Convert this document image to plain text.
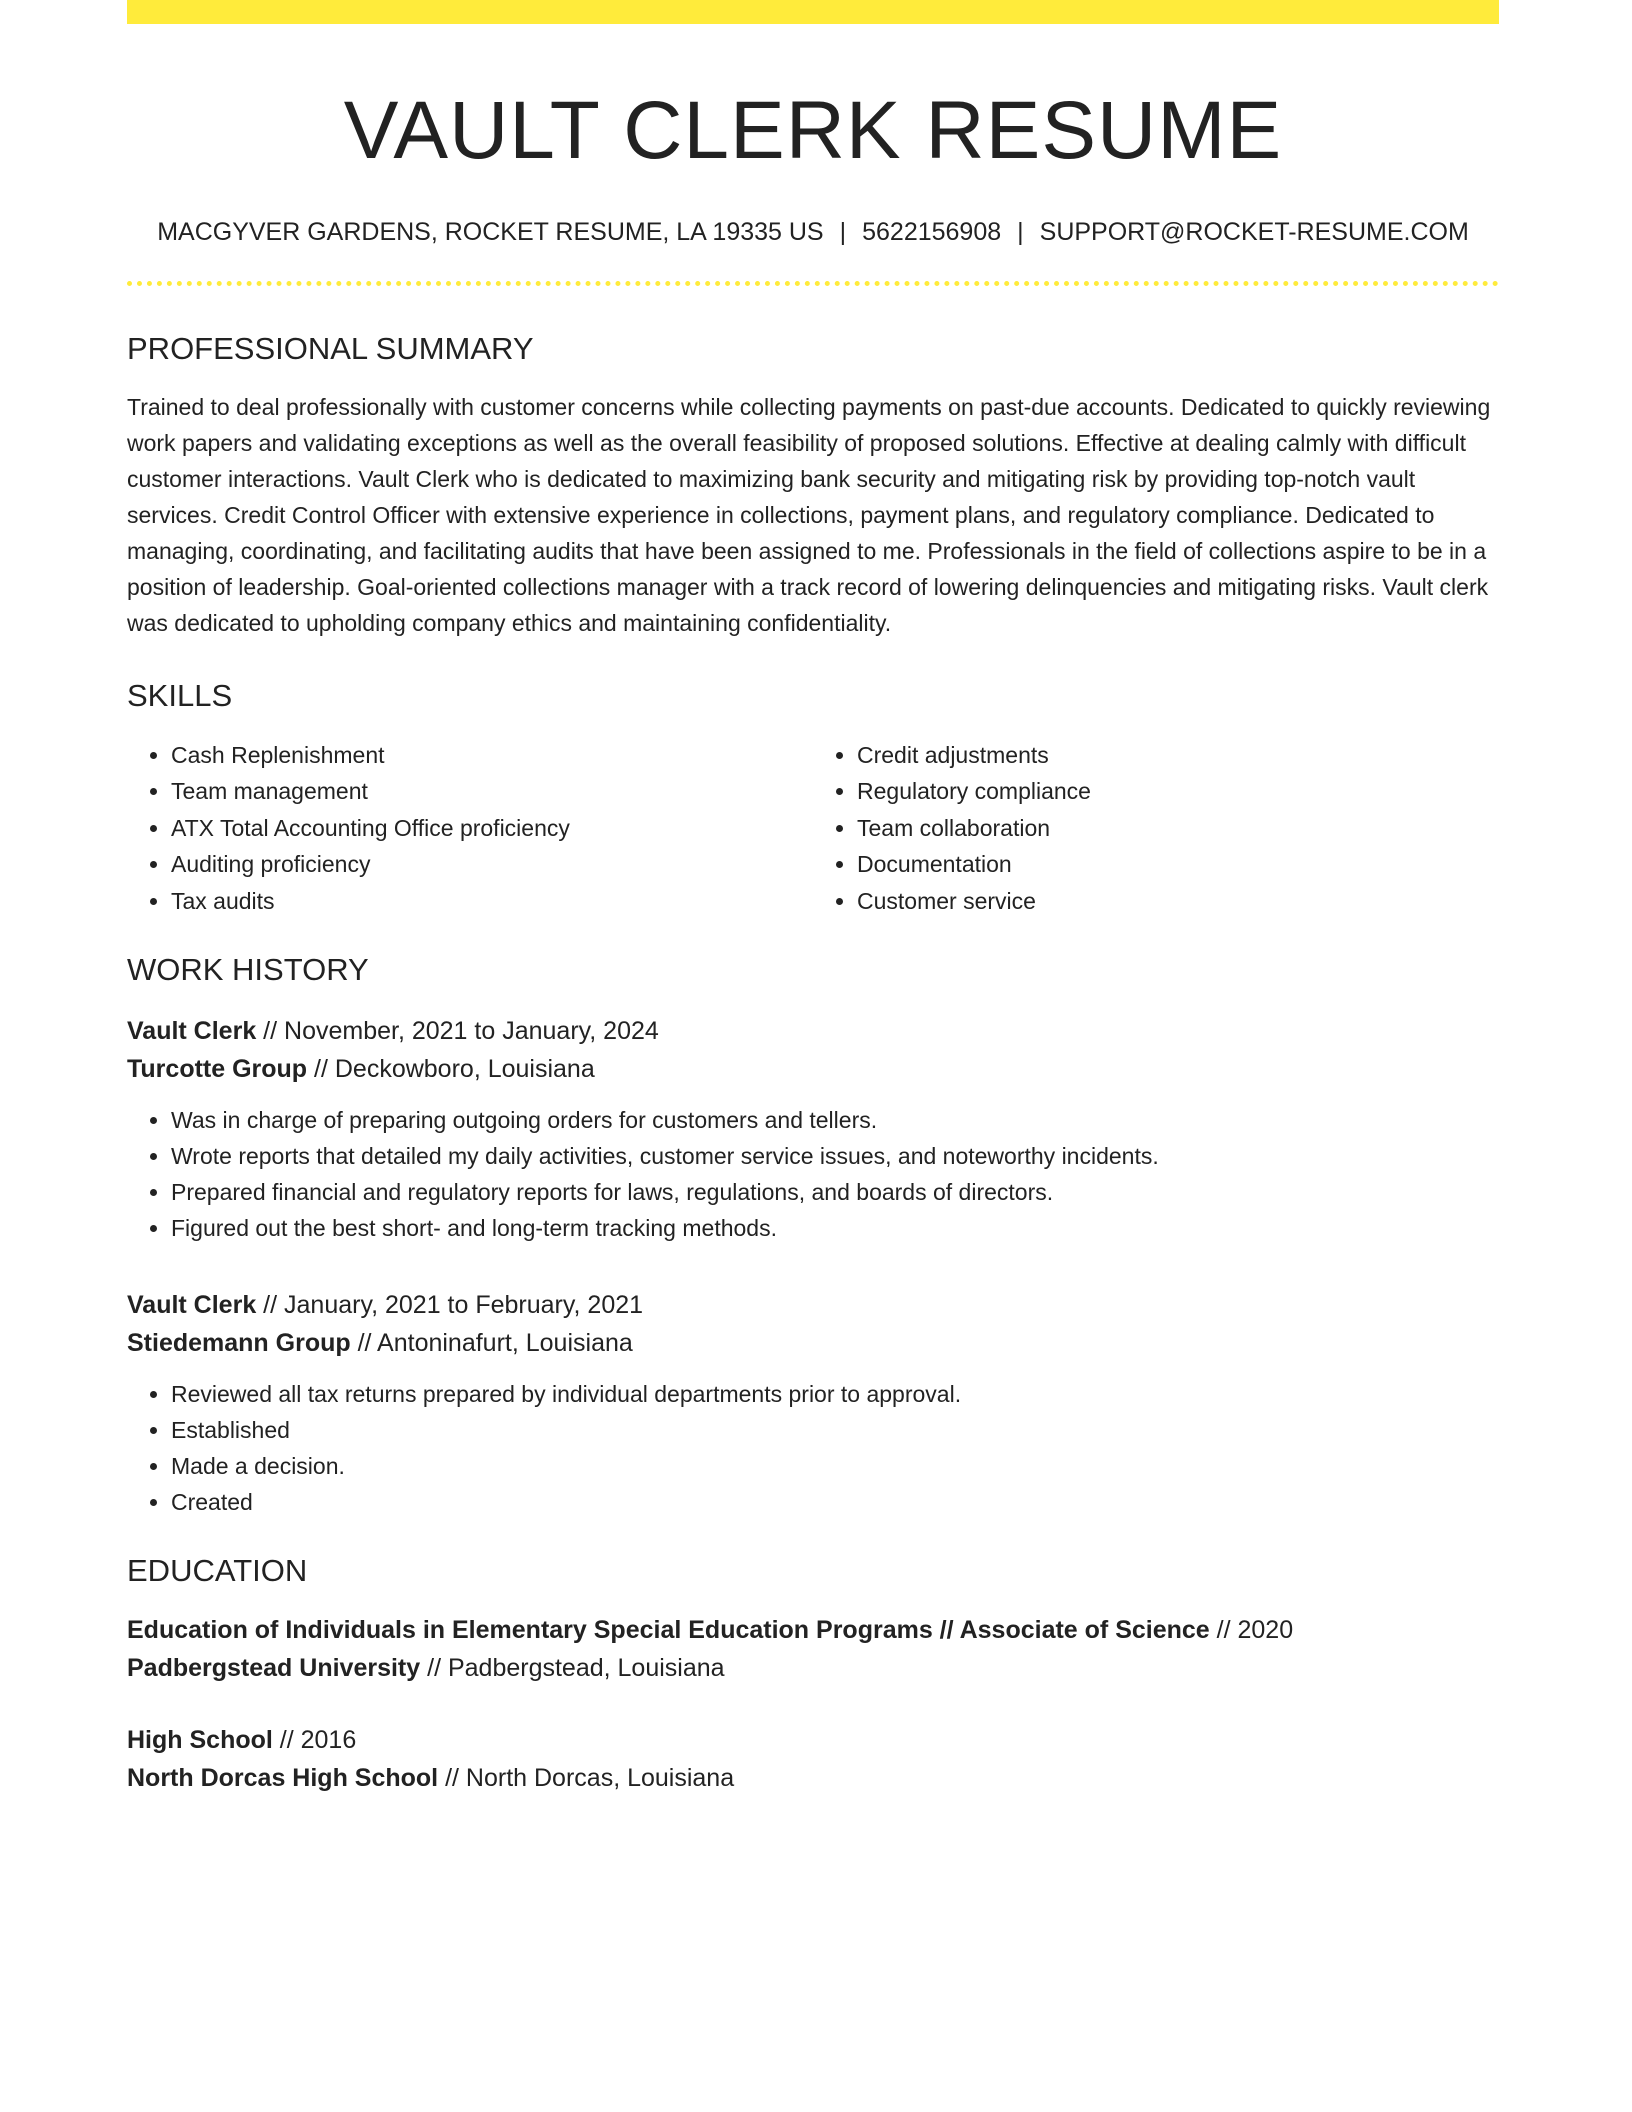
VAULT CLERK RESUME
MACGYVER GARDENS, ROCKET RESUME, LA 19335 US | 5622156908 | SUPPORT@ROCKET-RESUME.COM
PROFESSIONAL SUMMARY
Trained to deal professionally with customer concerns while collecting payments on past-due accounts. Dedicated to quickly reviewing work papers and validating exceptions as well as the overall feasibility of proposed solutions. Effective at dealing calmly with difficult customer interactions. Vault Clerk who is dedicated to maximizing bank security and mitigating risk by providing top-notch vault services. Credit Control Officer with extensive experience in collections, payment plans, and regulatory compliance. Dedicated to managing, coordinating, and facilitating audits that have been assigned to me. Professionals in the field of collections aspire to be in a position of leadership. Goal-oriented collections manager with a track record of lowering delinquencies and mitigating risks. Vault clerk was dedicated to upholding company ethics and maintaining confidentiality.
SKILLS
• Cash Replenishment
• Team management
• ATX Total Accounting Office proficiency
• Auditing proficiency
• Tax audits
• Credit adjustments
• Regulatory compliance
• Team collaboration
• Documentation
• Customer service
WORK HISTORY
Vault Clerk // November, 2021 to January, 2024
Turcotte Group // Deckowboro, Louisiana
• Was in charge of preparing outgoing orders for customers and tellers.
• Wrote reports that detailed my daily activities, customer service issues, and noteworthy incidents.
• Prepared financial and regulatory reports for laws, regulations, and boards of directors.
• Figured out the best short- and long-term tracking methods.
Vault Clerk // January, 2021 to February, 2021
Stiedemann Group // Antoninafurt, Louisiana
• Reviewed all tax returns prepared by individual departments prior to approval.
• Established
• Made a decision.
• Created
EDUCATION
Education of Individuals in Elementary Special Education Programs // Associate of Science // 2020
Padbergstead University // Padbergstead, Louisiana
High School // 2016
North Dorcas High School // North Dorcas, Louisiana
